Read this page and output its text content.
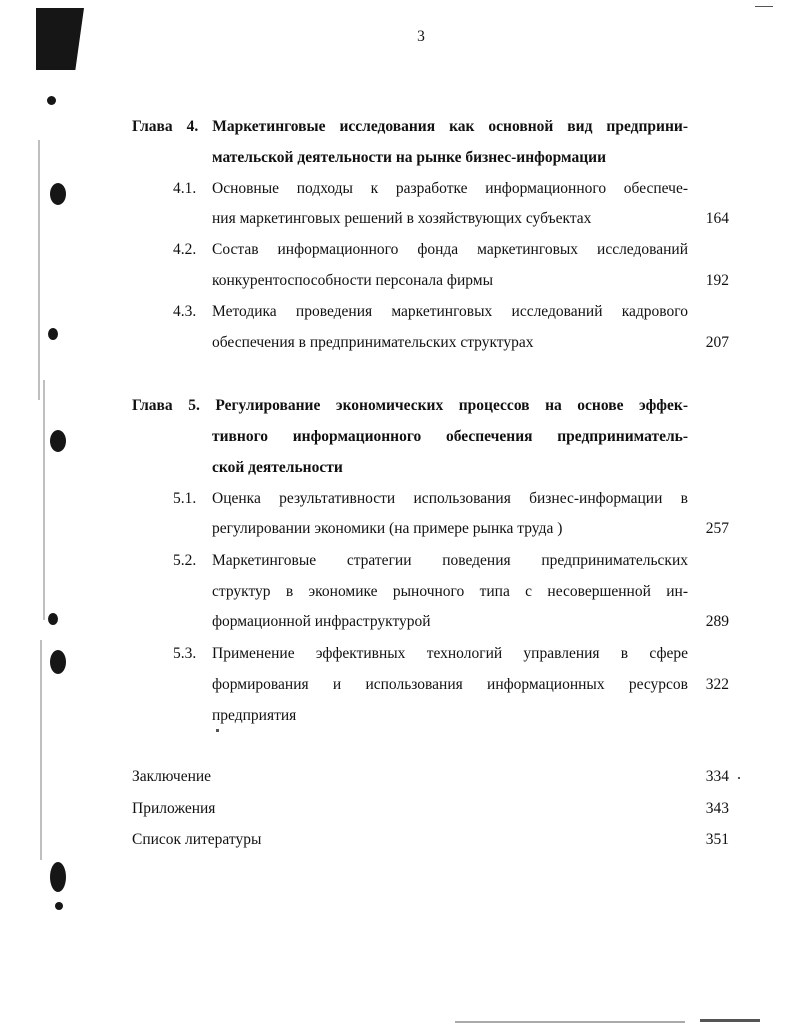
3
Глава 4. Маркетинговые исследования как основной вид предприни-
мательской деятельности на рынке бизнес-информации
4.1. Основные подходы к разработке информационного обеспече-
ния маркетинговых решений в хозяйствующих субъектах	164
4.2. Состав информационного фонда маркетинговых исследований
конкурентоспособности персонала фирмы	192
4.3. Методика проведения маркетинговых исследований кадрового
обеспечения в предпринимательских структурах	207
Глава 5. Регулирование экономических процессов на основе эффек-
тивного информационного обеспечения предприниматель-
ской деятельности
5.1. Оценка результативности использования бизнес-информации в
регулировании экономики (на примере рынка труда )	257
5.2. Маркетинговые стратегии поведения предпринимательских
структур в экономике рыночного типа с несовершенной ин-
формационной инфраструктурой	289
5.3. Применение эффективных технологий управления в сфере
формирования и использования информационных ресурсов	322
предприятия
Заключение	334
Приложения	343
Список литературы	351
